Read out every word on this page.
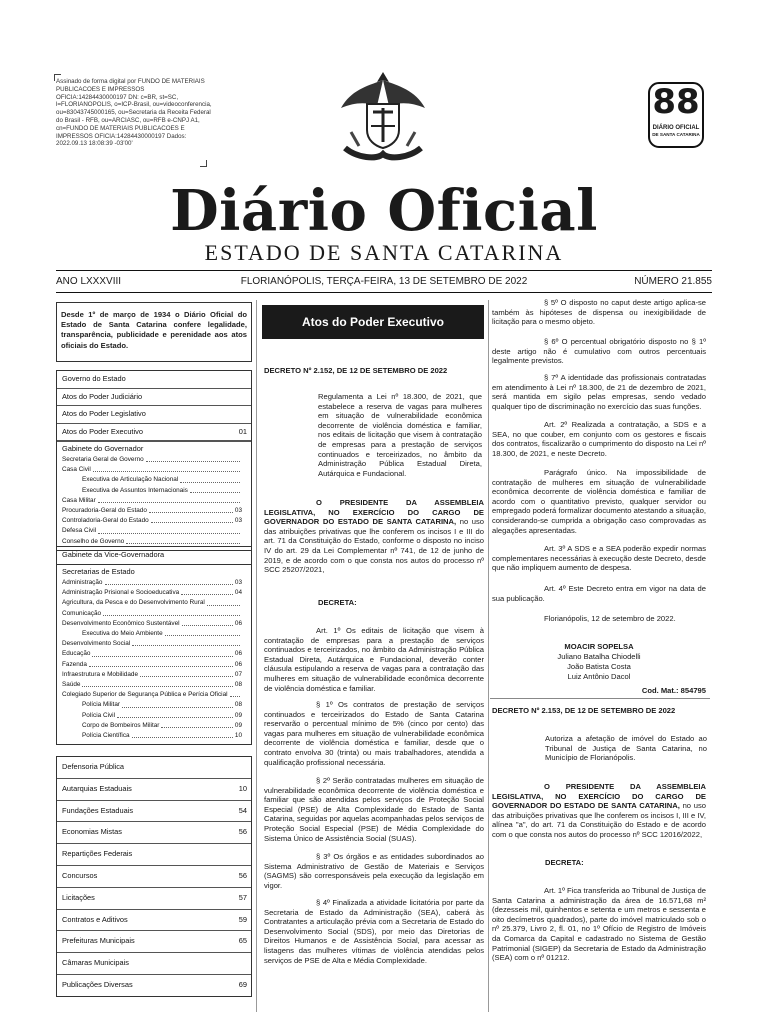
Assinado de forma digital por FUNDO DE MATERIAIS PUBLICACOES E IMPRESSOS OFICIA:14284430000197 DN: c=BR, st=SC, l=FLORIANOPOLIS, o=ICP-Brasil, ou=videoconferencia, ou=83043745000165, ou=Secretaria da Receita Federal do Brasil - RFB, ou=ARCIASC, ou=RFB e-CNPJ A1, cn=FUNDO DE MATERIAIS PUBLICACOES E IMPRESSOS OFICIA:14284430000197 Dados: 2022.09.13 18:08:39 -03'00'
88
DIÁRIO OFICIAL
DE SANTA CATARINA
Diário Oficial
ESTADO DE SANTA CATARINA
ANO LXXXVIII	FLORIANÓPOLIS, TERÇA-FEIRA, 13 DE SETEMBRO DE 2022	NÚMERO 21.855
Desde 1º de março de 1934 o Diário Oficial do Estado de Santa Catarina confere legalidade, transparência, publicidade e perenidade aos atos oficiais do Estado.
Governo do Estado
Atos do Poder Judiciário
Atos do Poder Legislativo
Atos do Poder Executivo	01
Gabinete do Governador
Secretaria Geral de Governo
Casa Civil
Executiva de Articulação Nacional
Executiva de Assuntos Internacionais
Casa Militar
Procuradoria-Geral do Estado	03
Controladoria-Geral do Estado	03
Defesa Civil
Conselho de Governo
Gabinete da Vice-Governadora
Secretarias de Estado
Administração	03
Administração Prisional e Socioeducativa	04
Agricultura, da Pesca e do Desenvolvimento Rural
Comunicação
Desenvolvimento Econômico Sustentável	06
Executiva do Meio Ambiente
Desenvolvimento Social
Educação	06
Fazenda	06
Infraestrutura e Mobilidade	07
Saúde	08
Colegiado Superior de Segurança Pública e Perícia Oficial
Polícia Militar	08
Polícia Civil	09
Corpo de Bombeiros Militar	09
Polícia Científica	10
Defensoria Pública
Autarquias Estaduais	10
Fundações Estaduais	54
Economias Mistas	56
Repartições Federais
Concursos	56
Licitações	57
Contratos e Aditivos	59
Prefeituras Municipais	65
Câmaras Municipais
Publicações Diversas	69
Atos do Poder Executivo
DECRETO Nº 2.152, DE 12 DE SETEMBRO DE 2022
Regulamenta a Lei nº 18.300, de 2021, que estabelece a reserva de vagas para mulheres em situação de vulnerabilidade econômica decorrente de violência doméstica e familiar, nos editais de licitação que visem à contratação de empresas para a prestação de serviços continuados e terceirizados, no âmbito da Administração Pública Estadual Direta, Autárquica e Fundacional.
O PRESIDENTE DA ASSEMBLEIA LEGISLATIVA, NO EXERCÍCIO DO CARGO DE GOVERNADOR DO ESTADO DE SANTA CATARINA, no uso das atribuições privativas que lhe conferem os incisos I e III do art. 71 da Constituição do Estado, conforme o disposto no inciso IV do art. 29 da Lei Complementar nº 741, de 12 de junho de 2019, e de acordo com o que consta nos autos do processo nº SCC 25207/2021,
DECRETA:
Art. 1º Os editais de licitação que visem à contratação de empresas para a prestação de serviços continuados e terceirizados, no âmbito da Administração Pública Estadual Direta, Autárquica e Fundacional, deverão conter cláusula estipulando a reserva de vagas para a contratação das mulheres em situação de vulnerabilidade econômica decorrente de violência doméstica e familiar.
§ 1º Os contratos de prestação de serviços continuados e terceirizados do Estado de Santa Catarina reservarão o percentual mínimo de 5% (cinco por cento) das vagas para mulheres em situação de vulnerabilidade econômica decorrente de violência doméstica e familiar, desde que o contrato envolva 30 (trinta) ou mais trabalhadores, atendida a qualificação profissional necessária.
§ 2º Serão contratadas mulheres em situação de vulnerabilidade econômica decorrente de violência doméstica e familiar que são atendidas pelos serviços de Proteção Social Especial (PSE) de Alta Complexidade do Estado de Santa Catarina, seguidas por aquelas acompanhadas pelos serviços de Proteção Social Especial (PSE) de Média Complexidade do Sistema Único de Assistência Social (SUAS).
§ 3º Os órgãos e as entidades subordinados ao Sistema Administrativo de Gestão de Materiais e Serviços (SAGMS) são corresponsáveis pela execução da legislação em vigor.
§ 4º Finalizada a atividade licitatória por parte da Secretaria de Estado da Administração (SEA), caberá às Contratantes a articulação prévia com a Secretaria de Estado do Desenvolvimento Social (SDS), por meio das Diretorias de Direitos Humanos e de Assistência Social, para acessar as listagens das mulheres vítimas de violência atendidas pelos serviços de PSE de Alta e Média Complexidade.
§ 5º O disposto no caput deste artigo aplica-se também às hipóteses de dispensa ou inexigibilidade de licitação para o mesmo objeto.
§ 6º O percentual obrigatório disposto no § 1º deste artigo não é cumulativo com outros percentuais legalmente previstos.
§ 7º A identidade das profissionais contratadas em atendimento à Lei nº 18.300, de 21 de dezembro de 2021, será mantida em sigilo pelas empresas, sendo vedado qualquer tipo de discriminação no exercício das suas funções.
Art. 2º Realizada a contratação, a SDS e a SEA, no que couber, em conjunto com os gestores e fiscais dos contratos, fiscalizarão o cumprimento do disposto na Lei nº 18.300, de 2021, e neste Decreto.
Parágrafo único. Na impossibilidade de contratação de mulheres em situação de vulnerabilidade econômica decorrente de violência doméstica e familiar de acordo com o quantitativo previsto, qualquer servidor ou empregado poderá formalizar documento atestando a situação, considerando-se cumprida a obrigação caso comprovadas as alegações apresentadas.
Art. 3º A SDS e a SEA poderão expedir normas complementares necessárias à execução deste Decreto, desde que não impliquem aumento de despesa.
Art. 4º Este Decreto entra em vigor na data de sua publicação.
Florianópolis, 12 de setembro de 2022.
MOACIR SOPELSA
Juliano Batalha Chiodelli
João Batista Costa
Luiz Antônio Dacol
Cod. Mat.: 854795
DECRETO Nº 2.153, DE 12 DE SETEMBRO DE 2022
Autoriza a afetação de imóvel do Estado ao Tribunal de Justiça de Santa Catarina, no Município de Florianópolis.
O PRESIDENTE DA ASSEMBLEIA LEGISLATIVA, NO EXERCÍCIO DO CARGO DE GOVERNADOR DO ESTADO DE SANTA CATARINA, no uso das atribuições privativas que lhe conferem os incisos I, III e IV, alínea "a", do art. 71 da Constituição do Estado e de acordo com o que consta nos autos do processo nº SCC 12016/2022,
DECRETA:
Art. 1º Fica transferida ao Tribunal de Justiça de Santa Catarina a administração da área de 16.571,68 m² (dezesseis mil, quinhentos e setenta e um metros e sessenta e oito decímetros quadrados), parte do imóvel matriculado sob o nº 25.379, Livro 2, fl. 01, no 1º Ofício de Registro de Imóveis da Comarca da Capital e cadastrado no Sistema de Gestão Patrimonial (SIGEP) da Secretaria de Estado da Administração (SEA) com o nº 01212.
